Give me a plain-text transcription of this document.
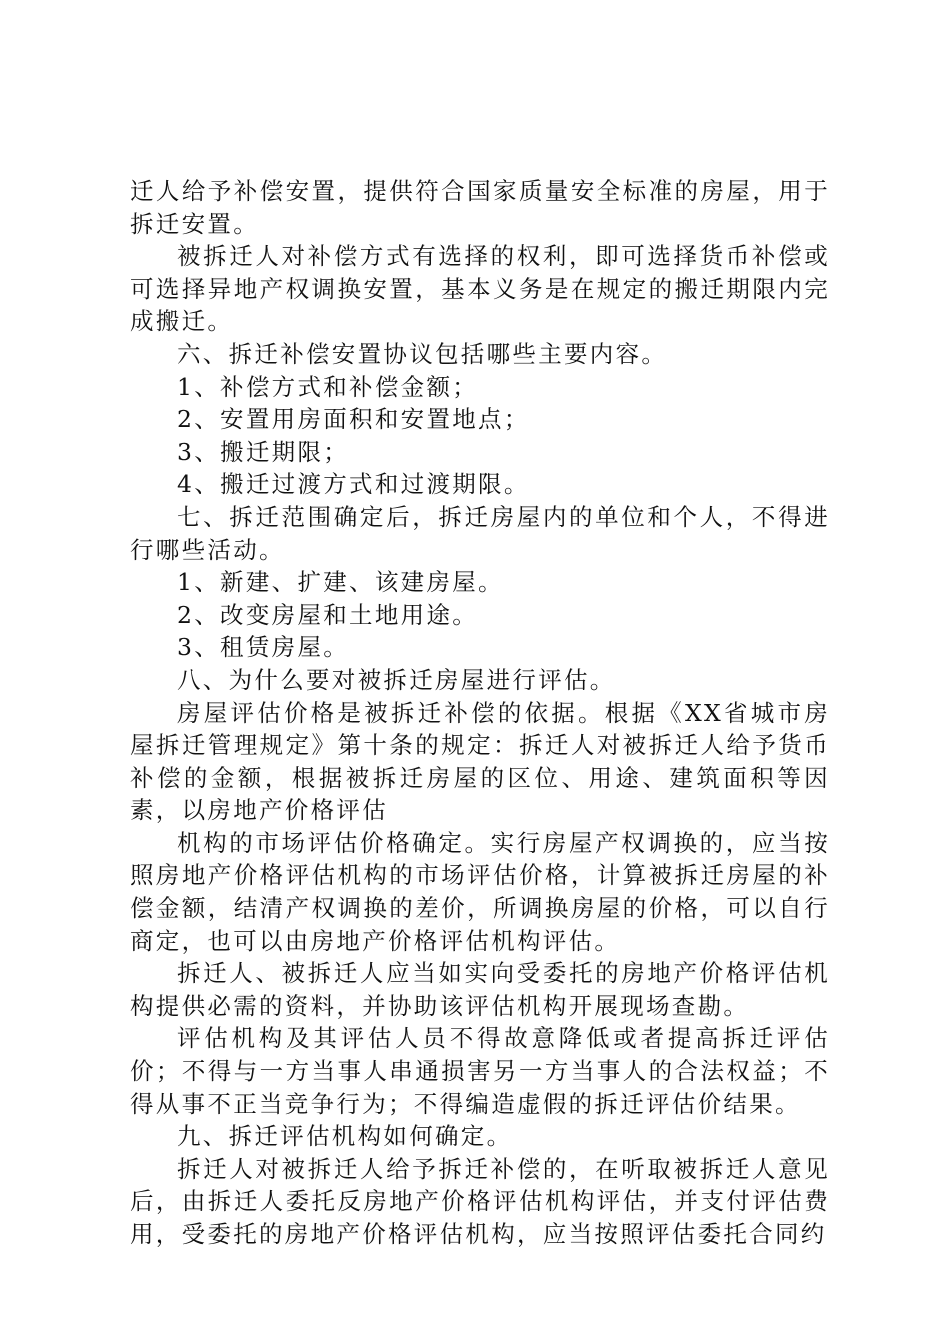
迁人给予补偿安置，提供符合国家质量安全标准的房屋，用于拆迁安置。

被拆迁人对补偿方式有选择的权利，即可选择货币补偿或可选择异地产权调换安置，基本义务是在规定的搬迁期限内完成搬迁。

六、拆迁补偿安置协议包括哪些主要内容。

1、补偿方式和补偿金额；

2、安置用房面积和安置地点；

3、搬迁期限；

4、搬迁过渡方式和过渡期限。

七、拆迁范围确定后，拆迁房屋内的单位和个人，不得进行哪些活动。

1、新建、扩建、该建房屋。

2、改变房屋和土地用途。

3、租赁房屋。

八、为什么要对被拆迁房屋进行评估。

房屋评估价格是被拆迁补偿的依据。根据《XX省城市房屋拆迁管理规定》第十条的规定：拆迁人对被拆迁人给予货币补偿的金额，根据被拆迁房屋的区位、用途、建筑面积等因素，以房地产价格评估

机构的市场评估价格确定。实行房屋产权调换的，应当按照房地产价格评估机构的市场评估价格，计算被拆迁房屋的补偿金额，结清产权调换的差价，所调换房屋的价格，可以自行商定，也可以由房地产价格评估机构评估。

拆迁人、被拆迁人应当如实向受委托的房地产价格评估机构提供必需的资料，并协助该评估机构开展现场查勘。

评估机构及其评估人员不得故意降低或者提高拆迁评估价；不得与一方当事人串通损害另一方当事人的合法权益；不得从事不正当竞争行为；不得编造虚假的拆迁评估价结果。

九、拆迁评估机构如何确定。

拆迁人对被拆迁人给予拆迁补偿的，在听取被拆迁人意见后，由拆迁人委托反房地产价格评估机构评估，并支付评估费用，受委托的房地产价格评估机构，应当按照评估委托合同约
